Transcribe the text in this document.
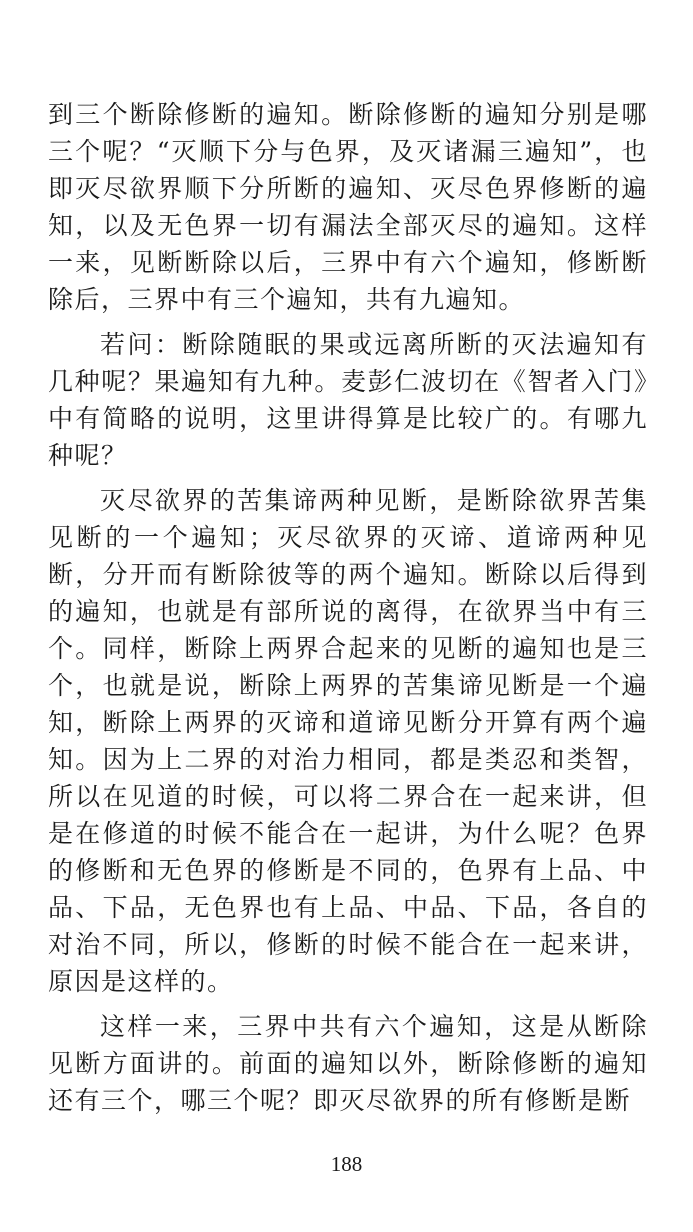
到三个断除修断的遍知。断除修断的遍知分别是哪三个呢？“灭顺下分与色界，及灭诸漏三遍知”，也即灭尽欲界顺下分所断的遍知、灭尽色界修断的遍知，以及无色界一切有漏法全部灭尽的遍知。这样一来，见断断除以后，三界中有六个遍知，修断断除后，三界中有三个遍知，共有九遍知。

若问：断除随眠的果或远离所断的灭法遍知有几种呢？果遍知有九种。麦彭仁波切在《智者入门》中有简略的说明，这里讲得算是比较广的。有哪九种呢？

灭尽欲界的苦集谛两种见断，是断除欲界苦集见断的一个遍知；灭尽欲界的灭谛、道谛两种见断，分开而有断除彼等的两个遍知。断除以后得到的遍知，也就是有部所说的离得，在欲界当中有三个。同样，断除上两界合起来的见断的遍知也是三个，也就是说，断除上两界的苦集谛见断是一个遍知，断除上两界的灭谛和道谛见断分开算有两个遍知。因为上二界的对治力相同，都是类忍和类智，所以在见道的时候，可以将二界合在一起来讲，但是在修道的时候不能合在一起讲，为什么呢？色界的修断和无色界的修断是不同的，色界有上品、中品、下品，无色界也有上品、中品、下品，各自的对治不同，所以，修断的时候不能合在一起来讲，原因是这样的。

这样一来，三界中共有六个遍知，这是从断除见断方面讲的。前面的遍知以外，断除修断的遍知还有三个，哪三个呢？即灭尽欲界的所有修断是断

188
